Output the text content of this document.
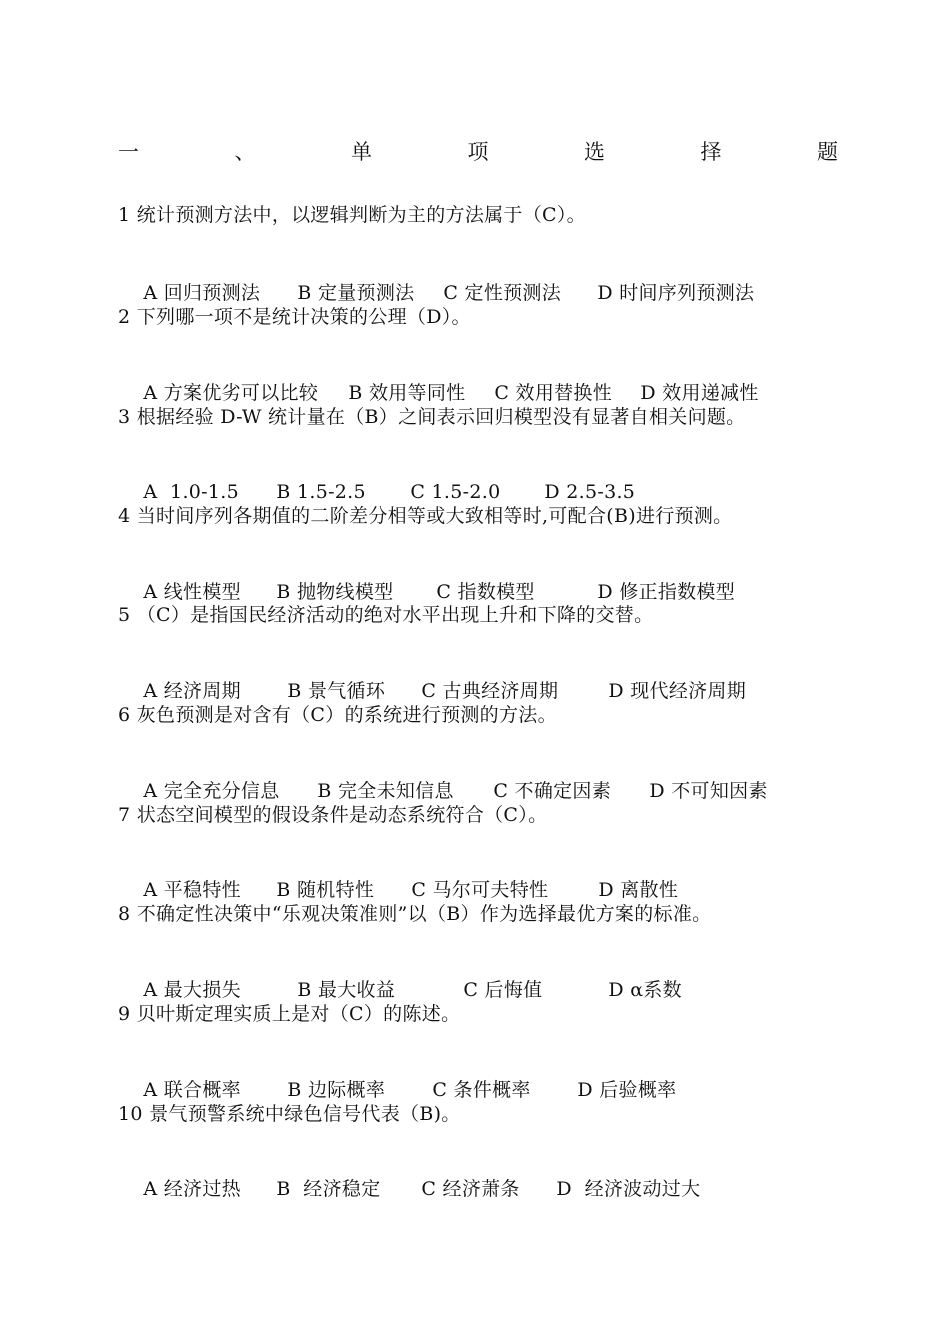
一	、	单	项	选	择	题
1 统计预测方法中，以逻辑判断为主的方法属于（C）。

A 回归预测法 B 定量预测法 C 定性预测法 D 时间序列预测法

2 下列哪一项不是统计决策的公理（D）。

A 方案优劣可以比较 B 效用等同性 C 效用替换性 D 效用递减性

3 根据经验 D-W 统计量在（B）之间表示回归模型没有显著自相关问题。

A  1.0-1.5 B 1.5-2.5 C 1.5-2.0 D 2.5-3.5

4 当时间序列各期值的二阶差分相等或大致相等时,可配合(B)进行预测。

A 线性模型 B 抛物线模型 C 指数模型	D 修正指数模型

5 （C）是指国民经济活动的绝对水平出现上升和下降的交替。

A 经济周期 B 景气循环 C 古典经济周期	D 现代经济周期

6 灰色预测是对含有（C）的系统进行预测的方法。

A 完全充分信息 B 完全未知信息 C 不确定因素 D 不可知因素

7 状态空间模型的假设条件是动态系统符合（C）。

A 平稳特性 B 随机特性 C 马尔可夫特性	D 离散性

8 不确定性决策中“乐观决策准则”以（B）作为选择最优方案的标准。

A 最大损失	B 最大收益	C 后悔值	D α系数

9 贝叶斯定理实质上是对（C）的陈述。

A 联合概率 B 边际概率 C 条件概率 D 后验概率

10 景气预警系统中绿色信号代表（B)。

A 经济过热 B  经济稳定 C 经济萧条 D  经济波动过大
